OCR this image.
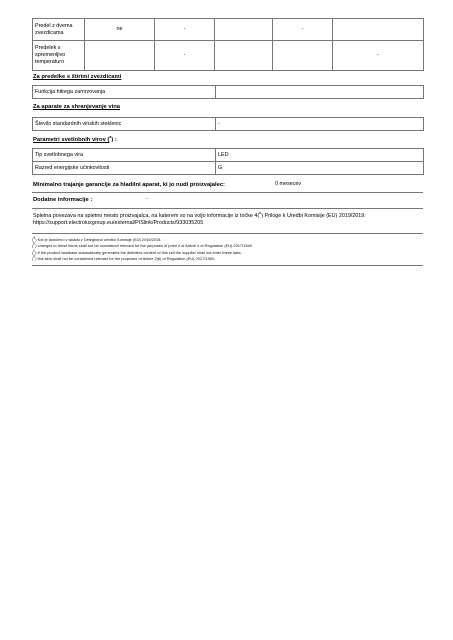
Predel z dvema zvezdicama	ne	-		-	
Predelek s spremenljivo temperaturo		-			-
Za predelke s štirimi zvezdicami
Funkcija hitrega zamrzovanja	
Za aparate za shranjevanje vina
Število standardnih vinskih steklenic	-
Parametri svetlobnih virov ($^a$) :
Tip svetlobnega vira	LED
Razred energijske učinkovitosti	G
Minimalno trajanje garancije za hladilni aparat, ki jo nudi proizvajalec:	0 mesecev
Dodatne informacije :	-
Spletna povezava na spletno mesto proizvajalca, na katerem so na voljo informacije iz točke 4($^b$) Priloge k Uredbi Komisije (EU) 2019/2019: https://support.electroluxgroup.eu/external/PISlink/Products/933035205
($^a$) Kot je določeno v skladu z Delegirano uredbo Komisije (EU) 2019/2015.
($^b$) changes to these items shall not be considered relevant for the purposes of point 4 of Article 4 of Regulation (EU) 2017/1369.
($^c$) If the product database automatically generates the definitive content of this cell the supplier shall not enter these data.
($^d$) this item shall not be considered relevant for the purposes of Article 2(6) of Regulation (EU) 2017/1369.
